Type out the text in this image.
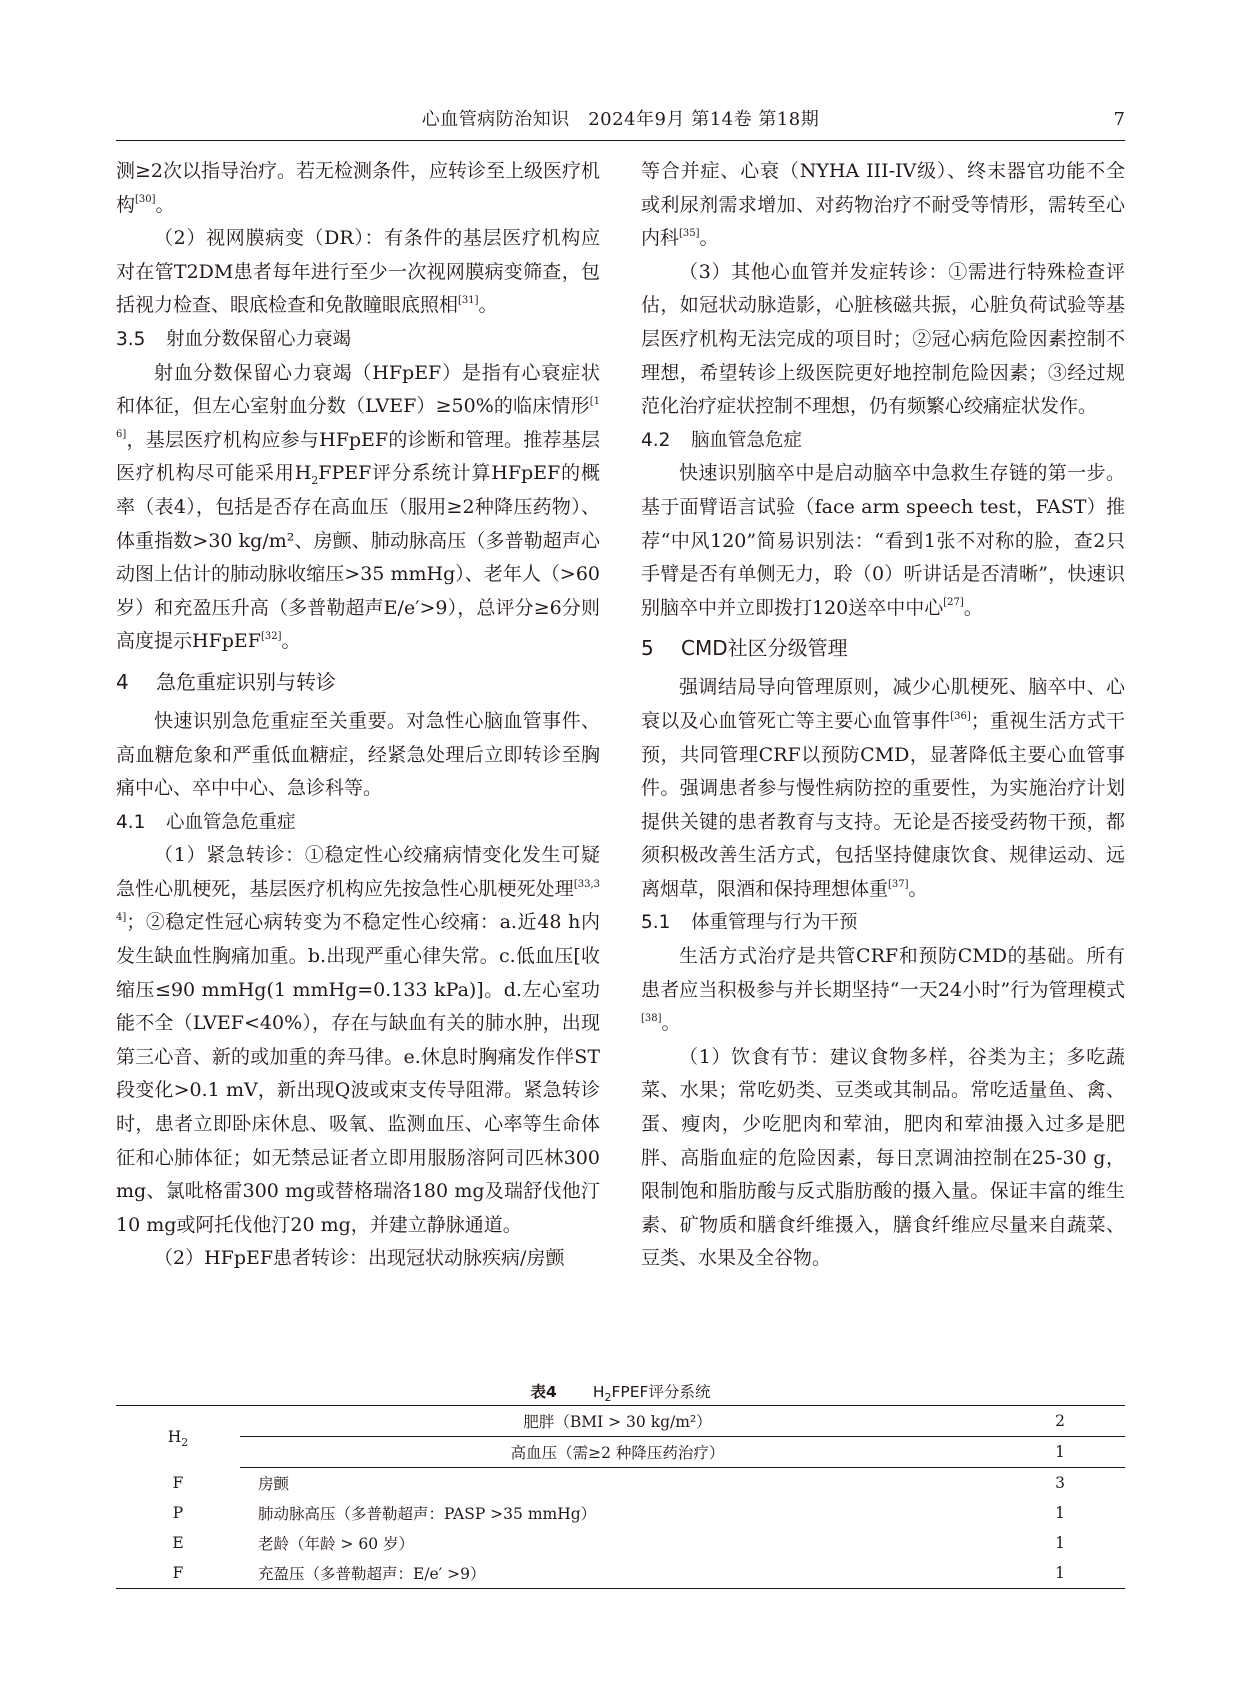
心血管病防治知识　2024年9月 第14卷 第18期	7

测≥2次以指导治疗。若无检测条件，应转诊至上级医疗机构[30]。

（2）视网膜病变（DR）：有条件的基层医疗机构应对在管T2DM患者每年进行至少一次视网膜病变筛查，包括视力检查、眼底检查和免散瞳眼底照相[31]。

3.5 射血分数保留心力衰竭

射血分数保留心力衰竭（HFpEF）是指有心衰症状和体征，但左心室射血分数（LVEF）≥50%的临床情形[16]，基层医疗机构应参与HFpEF的诊断和管理。推荐基层医疗机构尽可能采用$H_2FPEF$评分系统计算HFpEF的概率（表4），包括是否存在高血压（服用≥2种降压药物）、体重指数>30 kg/m²、房颤、肺动脉高压（多普勒超声心动图上估计的肺动脉收缩压>35 mmHg）、老年人（>60岁）和充盈压升高（多普勒超声E/e′>9），总评分≥6分则高度提示HFpEF[32]。

4 急危重症识别与转诊

快速识别急危重症至关重要。对急性心脑血管事件、高血糖危象和严重低血糖症，经紧急处理后立即转诊至胸痛中心、卒中中心、急诊科等。

4.1 心血管急危重症

（1）紧急转诊：①稳定性心绞痛病情变化发生可疑急性心肌梗死，基层医疗机构应先按急性心肌梗死处理[33,34]；②稳定性冠心病转变为不稳定性心绞痛：a.近48 h内发生缺血性胸痛加重。b.出现严重心律失常。c.低血压[收缩压≤90 mmHg(1 mmHg=0.133 kPa)]。d.左心室功能不全（LVEF<40%），存在与缺血有关的肺水肿，出现第三心音、新的或加重的奔马律。e.休息时胸痛发作伴ST段变化>0.1 mV，新出现Q波或束支传导阻滞。紧急转诊时，患者立即卧床休息、吸氧、监测血压、心率等生命体征和心肺体征；如无禁忌证者立即用服肠溶阿司匹林300 mg、氯吡格雷300 mg或替格瑞洛180 mg及瑞舒伐他汀10 mg或阿托伐他汀20 mg，并建立静脉通道。

（2）HFpEF患者转诊：出现冠状动脉疾病/房颤

等合并症、心衰（NYHA III-IV级）、终末器官功能不全或利尿剂需求增加、对药物治疗不耐受等情形，需转至心内科[35]。

（3）其他心血管并发症转诊：①需进行特殊检查评估，如冠状动脉造影，心脏核磁共振，心脏负荷试验等基层医疗机构无法完成的项目时；②冠心病危险因素控制不理想，希望转诊上级医院更好地控制危险因素；③经过规范化治疗症状控制不理想，仍有频繁心绞痛症状发作。

4.2 脑血管急危症

快速识别脑卒中是启动脑卒中急救生存链的第一步。基于面臂语言试验（face arm speech test，FAST）推荐“中风120”简易识别法：“看到1张不对称的脸，查2只手臂是否有单侧无力，聆（0）听讲话是否清晰”，快速识别脑卒中并立即拨打120送卒中中心[27]。

5 CMD社区分级管理

强调结局导向管理原则，减少心肌梗死、脑卒中、心衰以及心血管死亡等主要心血管事件[36]；重视生活方式干预，共同管理CRF以预防CMD，显著降低主要心血管事件。强调患者参与慢性病防控的重要性，为实施治疗计划提供关键的患者教育与支持。无论是否接受药物干预，都须积极改善生活方式，包括坚持健康饮食、规律运动、远离烟草，限酒和保持理想体重[37]。

5.1 体重管理与行为干预

生活方式治疗是共管CRF和预防CMD的基础。所有患者应当积极参与并长期坚持“一天24小时”行为管理模式[38]。

（1）饮食有节：建议食物多样，谷类为主；多吃蔬菜、水果；常吃奶类、豆类或其制品。常吃适量鱼、禽、蛋、瘦肉，少吃肥肉和荤油，肥肉和荤油摄入过多是肥胖、高脂血症的危险因素，每日烹调油控制在25-30 g，限制饱和脂肪酸与反式脂肪酸的摄入量。保证丰富的维生素、矿物质和膳食纤维摄入，膳食纤维应尽量来自蔬菜、豆类、水果及全谷物。

表4 $H_2FPEF$评分系统
$H_2$	肥胖（BMI > 30 kg/m²）	2
	高血压（需≥2 种降压药治疗）	1
F	房颤	3
P	肺动脉高压（多普勒超声：PASP >35 mmHg）	1
E	老龄（年龄 > 60 岁）	1
F	充盈压（多普勒超声：E/e′ >9）	1
